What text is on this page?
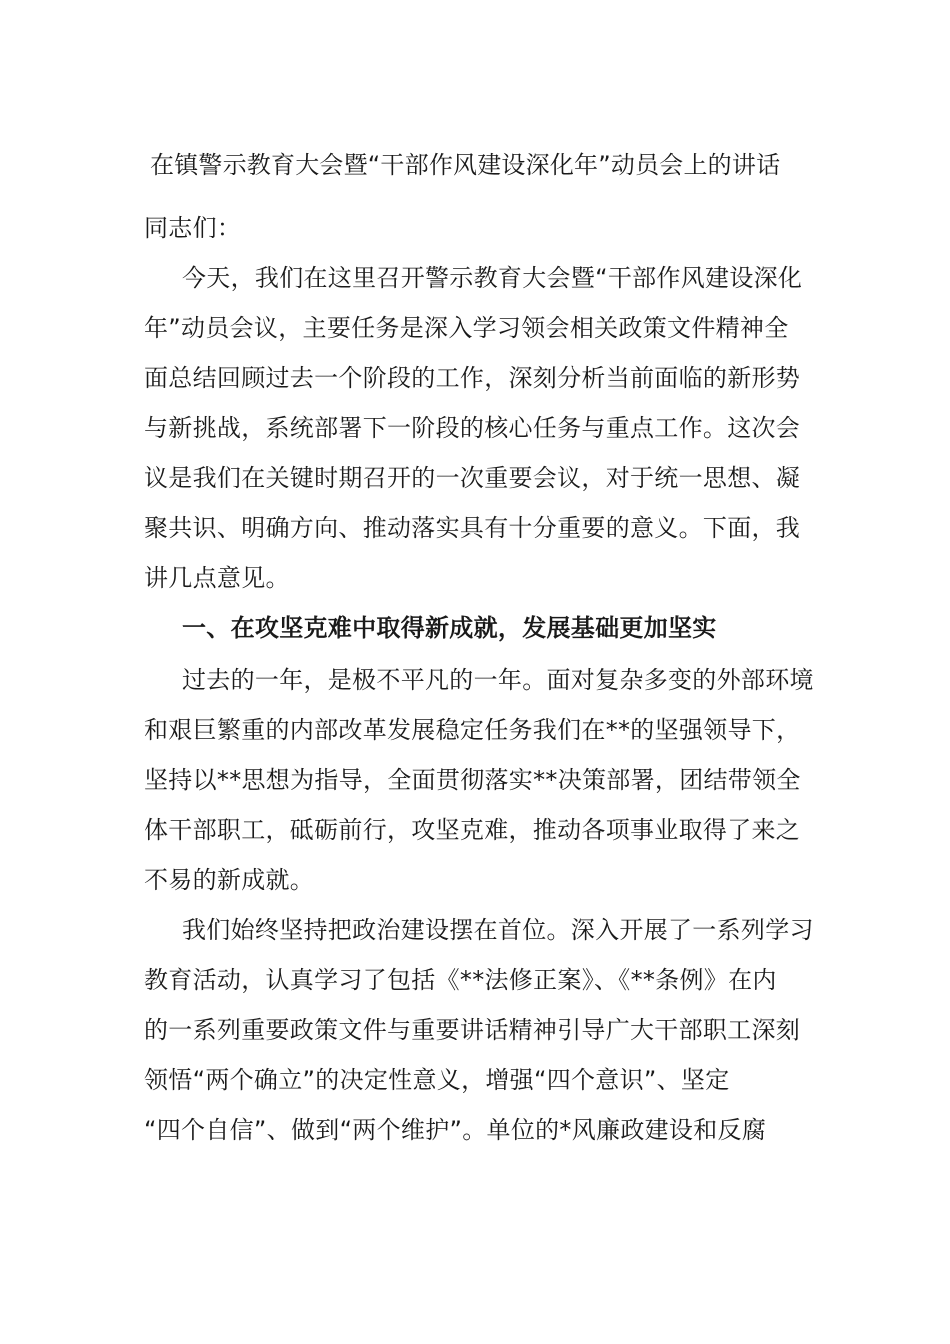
在镇警示教育大会暨“干部作风建设深化年”动员会上的讲话
同志们：
今天，我们在这里召开警示教育大会暨“干部作风建设深化
年”动员会议，主要任务是深入学习领会相关政策文件精神全
面总结回顾过去一个阶段的工作，深刻分析当前面临的新形势
与新挑战，系统部署下一阶段的核心任务与重点工作。这次会
议是我们在关键时期召开的一次重要会议，对于统一思想、凝
聚共识、明确方向、推动落实具有十分重要的意义。下面，我
讲几点意见。
一、在攻坚克难中取得新成就，发展基础更加坚实
过去的一年，是极不平凡的一年。面对复杂多变的外部环境
和艰巨繁重的内部改革发展稳定任务我们在**的坚强领导下，
坚持以**思想为指导，全面贯彻落实**决策部署，团结带领全
体干部职工，砥砺前行，攻坚克难，推动各项事业取得了来之
不易的新成就。
我们始终坚持把政治建设摆在首位。深入开展了一系列学习
教育活动，认真学习了包括《**法修正案》、《**条例》在内
的一系列重要政策文件与重要讲话精神引导广大干部职工深刻
领悟“两个确立”的决定性意义，增强“四个意识”、坚定
“四个自信”、做到“两个维护”。单位的*风廉政建设和反腐
